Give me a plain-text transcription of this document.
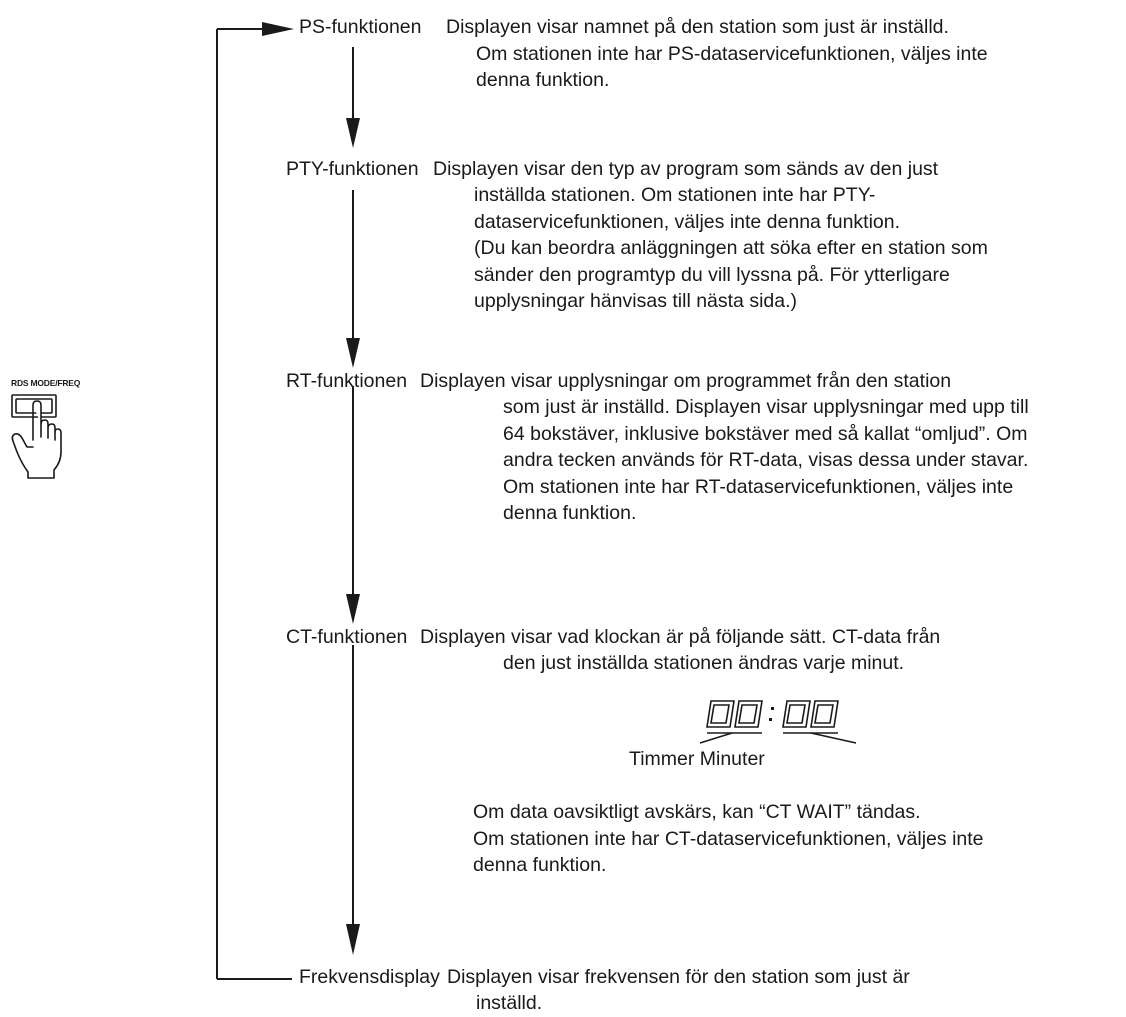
RDS MODE/FREQ

PS-funktionen Displayen visar namnet på den station som just är inställd.

Om stationen inte har PS-dataservicefunktionen, väljes inte

denna funktion.

PTY-funktionen Displayen visar den typ av program som sänds av den just

inställda stationen. Om stationen inte har PTY-

dataservicefunktionen, väljes inte denna funktion.

(Du kan beordra anläggningen att söka efter en station som

sänder den programtyp du vill lyssna på. För ytterligare

upplysningar hänvisas till nästa sida.)

RT-funktionen Displayen visar upplysningar om programmet från den station

som just är inställd. Displayen visar upplysningar med upp till

64 bokstäver, inklusive bokstäver med så kallat “omljud”. Om

andra tecken används för RT-data, visas dessa under stavar.

Om stationen inte har RT-dataservicefunktionen, väljes inte

denna funktion.

CT-funktionen Displayen visar vad klockan är på följande sätt. CT-data från

den just inställda stationen ändras varje minut.

Timmer Minuter

Om data oavsiktligt avskärs, kan “CT WAIT” tändas.

Om stationen inte har CT-dataservicefunktionen, väljes inte

denna funktion.

Frekvensdisplay Displayen visar frekvensen för den station som just är

inställd.
